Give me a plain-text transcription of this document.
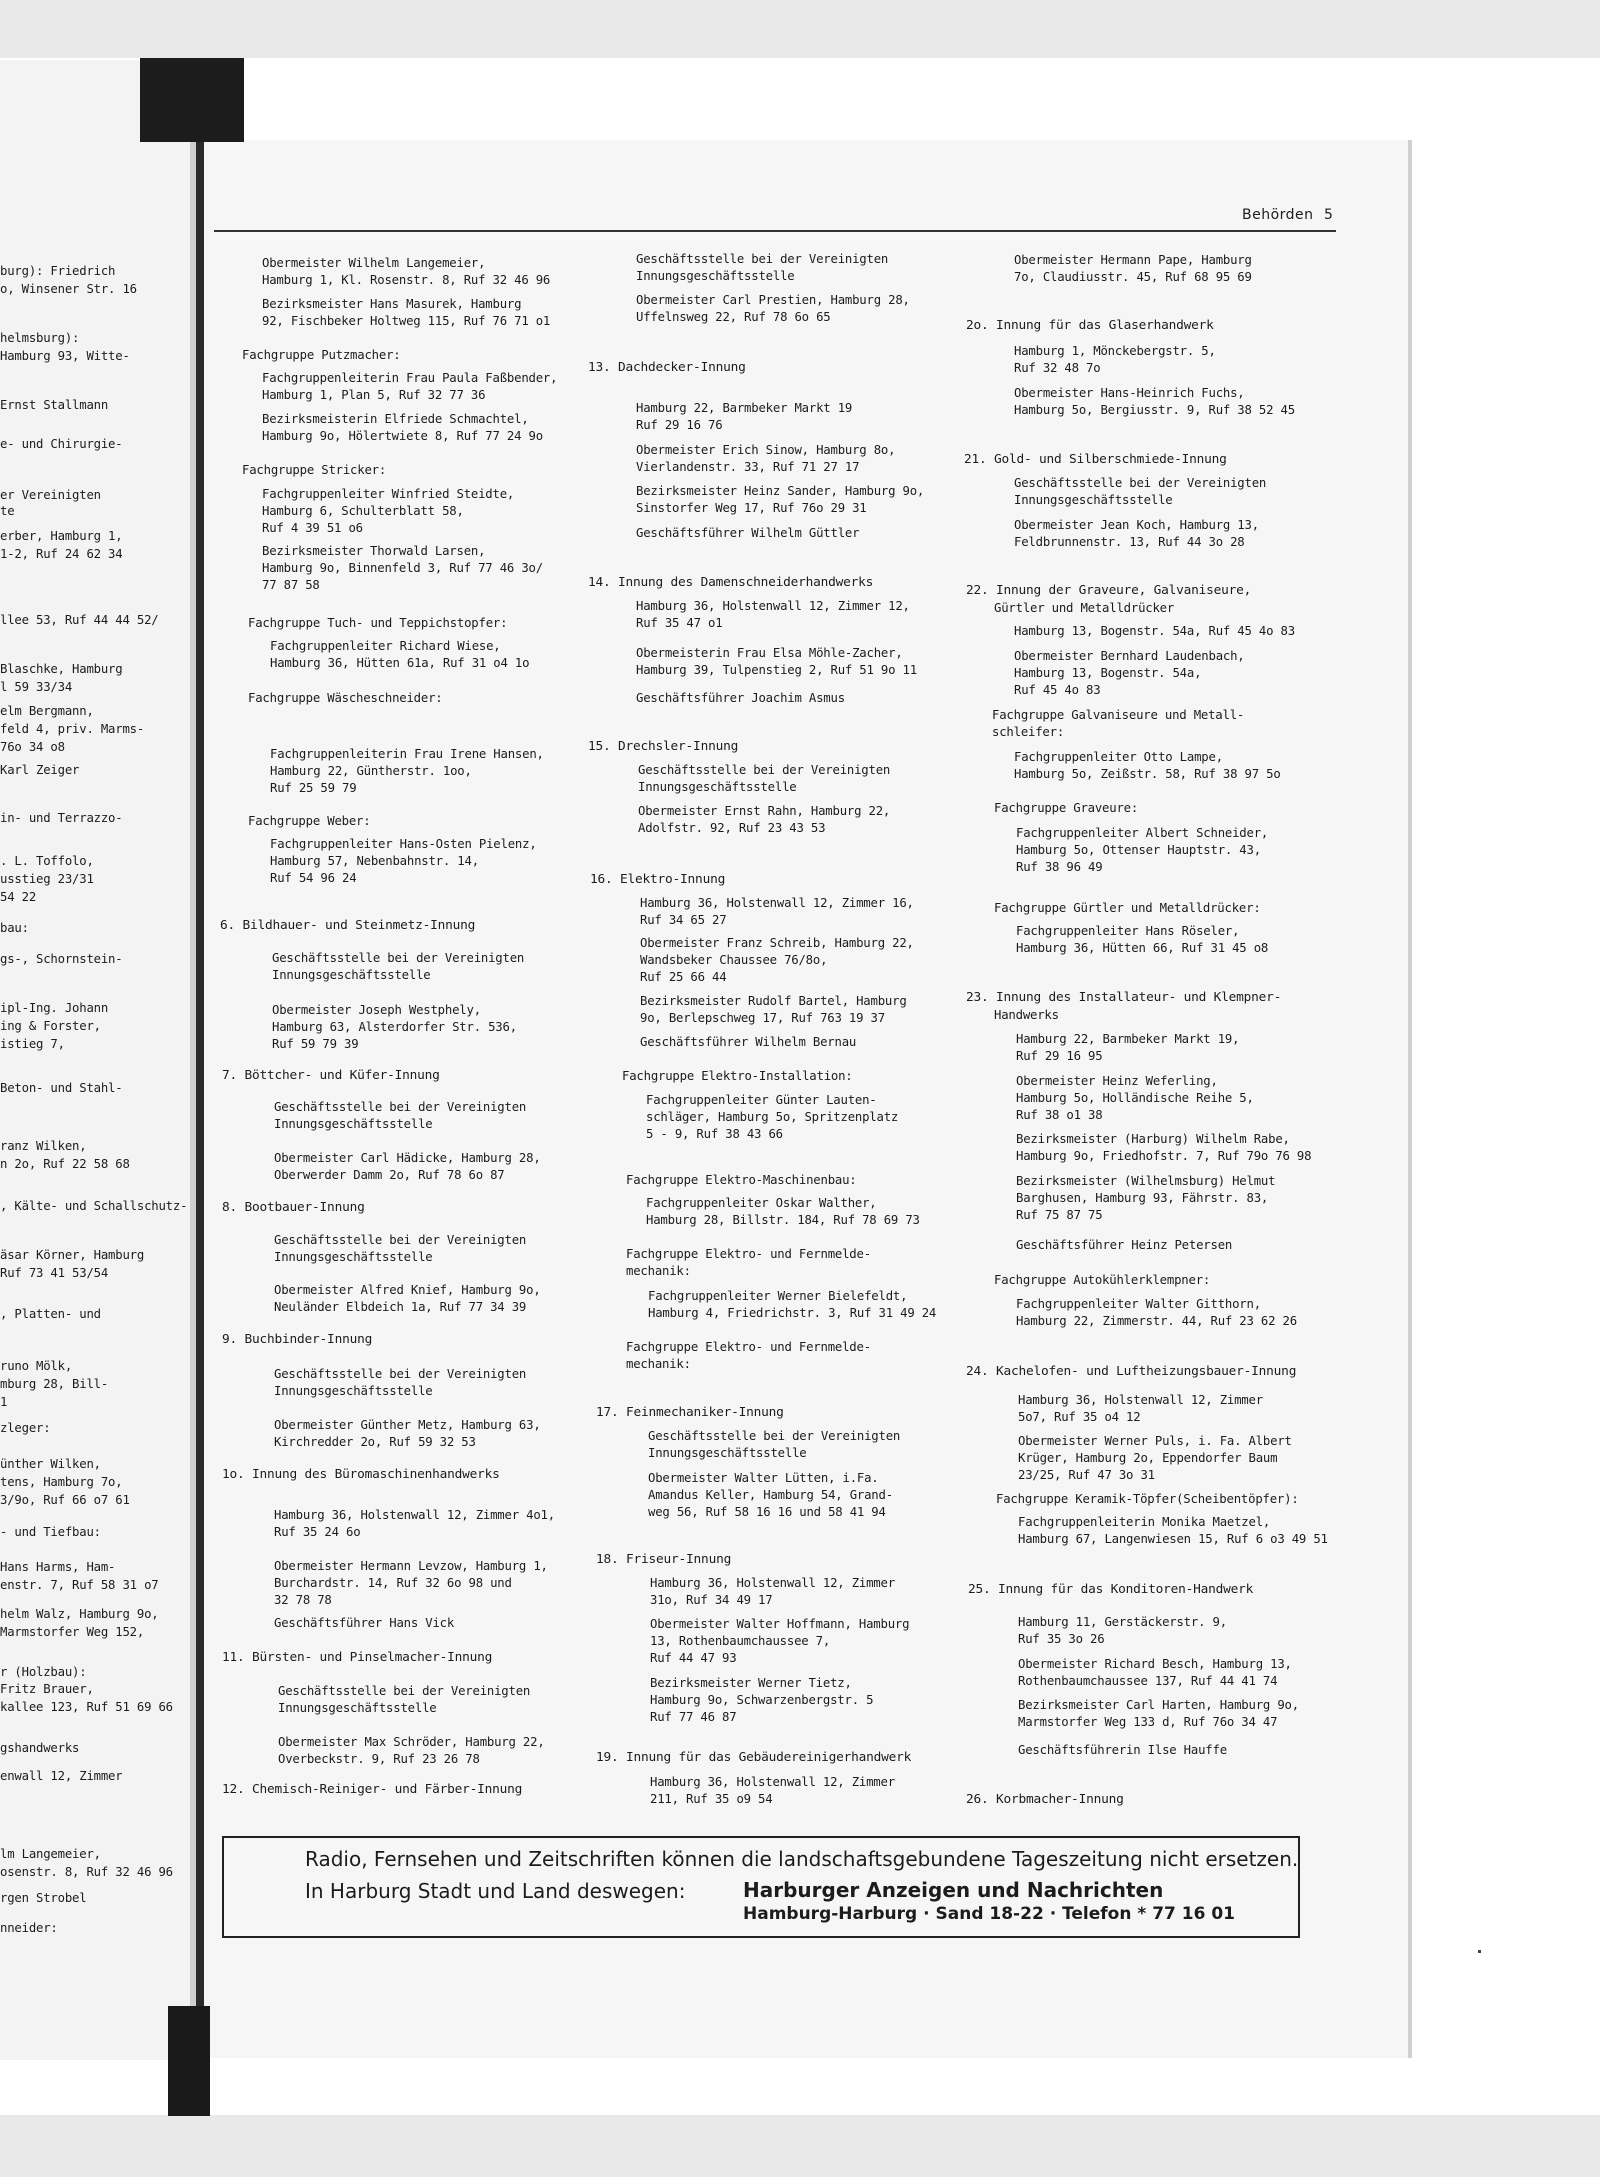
Behörden 5
burg): Friedrich
o, Winsener Str. 16
helmsburg):
Hamburg 93, Witte-
Ernst Stallmann
e- und Chirurgie-
er Vereinigten
te
erber, Hamburg 1,
1-2, Ruf 24 62 34
llee 53, Ruf 44 44 52/
Blaschke, Hamburg
l 59 33/34
elm Bergmann,
feld 4, priv. Marms-
76o 34 o8
Karl Zeiger
in- und Terrazzo-
. L. Toffolo,
usstieg 23/31
54 22
bau:
gs-, Schornstein-
ipl-Ing. Johann
ing & Forster,
istieg 7,
Beton- und Stahl-
ranz Wilken,
n 2o, Ruf 22 58 68
, Kälte- und Schallschutz-
äsar Körner, Hamburg
Ruf 73 41 53/54
, Platten- und
runo Mölk,
mburg 28, Bill-
1
zleger:
ünther Wilken,
tens, Hamburg 7o,
3/9o, Ruf 66 o7 61
- und Tiefbau:
Hans Harms, Ham-
enstr. 7, Ruf 58 31 o7
helm Walz, Hamburg 9o,
Marmstorfer Weg 152,
r (Holzbau):
Fritz Brauer,
kallee 123, Ruf 51 69 66
gshandwerks
enwall 12, Zimmer
lm Langemeier,
osenstr. 8, Ruf 32 46 96
rgen Strobel
nneider:
Obermeister Wilhelm Langemeier,
Hamburg 1, Kl. Rosenstr. 8, Ruf 32 46 96
Bezirksmeister Hans Masurek, Hamburg
92, Fischbeker Holtweg 115, Ruf 76 71 o1
Fachgruppe Putzmacher:
Fachgruppenleiterin Frau Paula Faßbender,
Hamburg 1, Plan 5, Ruf 32 77 36
Bezirksmeisterin Elfriede Schmachtel,
Hamburg 9o, Hölertwiete 8, Ruf 77 24 9o
Fachgruppe Stricker:
Fachgruppenleiter Winfried Steidte,
Hamburg 6, Schulterblatt 58,
Ruf 4 39 51 o6
Bezirksmeister Thorwald Larsen,
Hamburg 9o, Binnenfeld 3, Ruf 77 46 3o/
77 87 58
Fachgruppe Tuch- und Teppichstopfer:
Fachgruppenleiter Richard Wiese,
Hamburg 36, Hütten 61a, Ruf 31 o4 1o
Fachgruppe Wäscheschneider:
Fachgruppenleiterin Frau Irene Hansen,
Hamburg 22, Güntherstr. 1oo,
Ruf 25 59 79
Fachgruppe Weber:
Fachgruppenleiter Hans-Osten Pielenz,
Hamburg 57, Nebenbahnstr. 14,
Ruf 54 96 24
6. Bildhauer- und Steinmetz-Innung
Geschäftsstelle bei der Vereinigten
Innungsgeschäftsstelle
Obermeister Joseph Westphely,
Hamburg 63, Alsterdorfer Str. 536,
Ruf 59 79 39
7. Böttcher- und Küfer-Innung
Geschäftsstelle bei der Vereinigten
Innungsgeschäftsstelle
Obermeister Carl Hädicke, Hamburg 28,
Oberwerder Damm 2o, Ruf 78 6o 87
8. Bootbauer-Innung
Geschäftsstelle bei der Vereinigten
Innungsgeschäftsstelle
Obermeister Alfred Knief, Hamburg 9o,
Neuländer Elbdeich 1a, Ruf 77 34 39
9. Buchbinder-Innung
Geschäftsstelle bei der Vereinigten
Innungsgeschäftsstelle
Obermeister Günther Metz, Hamburg 63,
Kirchredder 2o, Ruf 59 32 53
1o. Innung des Büromaschinenhandwerks
Hamburg 36, Holstenwall 12, Zimmer 4o1,
Ruf 35 24 6o
Obermeister Hermann Levzow, Hamburg 1,
Burchardstr. 14, Ruf 32 6o 98 und
32 78 78
Geschäftsführer Hans Vick
11. Bürsten- und Pinselmacher-Innung
Geschäftsstelle bei der Vereinigten
Innungsgeschäftsstelle
Obermeister Max Schröder, Hamburg 22,
Overbeckstr. 9, Ruf 23 26 78
12. Chemisch-Reiniger- und Färber-Innung
Geschäftsstelle bei der Vereinigten
Innungsgeschäftsstelle
Obermeister Carl Prestien, Hamburg 28,
Uffelnsweg 22, Ruf 78 6o 65
13. Dachdecker-Innung
Hamburg 22, Barmbeker Markt 19
Ruf 29 16 76
Obermeister Erich Sinow, Hamburg 8o,
Vierlandenstr. 33, Ruf 71 27 17
Bezirksmeister Heinz Sander, Hamburg 9o,
Sinstorfer Weg 17, Ruf 76o 29 31
Geschäftsführer Wilhelm Güttler
14. Innung des Damenschneiderhandwerks
Hamburg 36, Holstenwall 12, Zimmer 12,
Ruf 35 47 o1
Obermeisterin Frau Elsa Möhle-Zacher,
Hamburg 39, Tulpenstieg 2, Ruf 51 9o 11
Geschäftsführer Joachim Asmus
15. Drechsler-Innung
Geschäftsstelle bei der Vereinigten
Innungsgeschäftsstelle
Obermeister Ernst Rahn, Hamburg 22,
Adolfstr. 92, Ruf 23 43 53
16. Elektro-Innung
Hamburg 36, Holstenwall 12, Zimmer 16,
Ruf 34 65 27
Obermeister Franz Schreib, Hamburg 22,
Wandsbeker Chaussee 76/8o,
Ruf 25 66 44
Bezirksmeister Rudolf Bartel, Hamburg
9o, Berlepschweg 17, Ruf 763 19 37
Geschäftsführer Wilhelm Bernau
Fachgruppe Elektro-Installation:
Fachgruppenleiter Günter Lauten-
schläger, Hamburg 5o, Spritzenplatz
5 - 9, Ruf 38 43 66
Fachgruppe Elektro-Maschinenbau:
Fachgruppenleiter Oskar Walther,
Hamburg 28, Billstr. 184, Ruf 78 69 73
Fachgruppe Elektro- und Fernmelde-
mechanik:
Fachgruppenleiter Werner Bielefeldt,
Hamburg 4, Friedrichstr. 3, Ruf 31 49 24
Fachgruppe Elektro- und Fernmelde-
mechanik:
17. Feinmechaniker-Innung
Geschäftsstelle bei der Vereinigten
Innungsgeschäftsstelle
Obermeister Walter Lütten, i.Fa.
Amandus Keller, Hamburg 54, Grand-
weg 56, Ruf 58 16 16 und 58 41 94
18. Friseur-Innung
Hamburg 36, Holstenwall 12, Zimmer
31o, Ruf 34 49 17
Obermeister Walter Hoffmann, Hamburg
13, Rothenbaumchaussee 7,
Ruf 44 47 93
Bezirksmeister Werner Tietz,
Hamburg 9o, Schwarzenbergstr. 5
Ruf 77 46 87
19. Innung für das Gebäudereinigerhandwerk
Hamburg 36, Holstenwall 12, Zimmer
211, Ruf 35 o9 54
Obermeister Hermann Pape, Hamburg
7o, Claudiusstr. 45, Ruf 68 95 69
2o. Innung für das Glaserhandwerk
Hamburg 1, Mönckebergstr. 5,
Ruf 32 48 7o
Obermeister Hans-Heinrich Fuchs,
Hamburg 5o, Bergiusstr. 9, Ruf 38 52 45
21. Gold- und Silberschmiede-Innung
Geschäftsstelle bei der Vereinigten
Innungsgeschäftsstelle
Obermeister Jean Koch, Hamburg 13,
Feldbrunnenstr. 13, Ruf 44 3o 28
22. Innung der Graveure, Galvaniseure,
Gürtler und Metalldrücker
Hamburg 13, Bogenstr. 54a, Ruf 45 4o 83
Obermeister Bernhard Laudenbach,
Hamburg 13, Bogenstr. 54a,
Ruf 45 4o 83
Fachgruppe Galvaniseure und Metall-
schleifer:
Fachgruppenleiter Otto Lampe,
Hamburg 5o, Zeißstr. 58, Ruf 38 97 5o
Fachgruppe Graveure:
Fachgruppenleiter Albert Schneider,
Hamburg 5o, Ottenser Hauptstr. 43,
Ruf 38 96 49
Fachgruppe Gürtler und Metalldrücker:
Fachgruppenleiter Hans Röseler,
Hamburg 36, Hütten 66, Ruf 31 45 o8
23. Innung des Installateur- und Klempner-
Handwerks
Hamburg 22, Barmbeker Markt 19,
Ruf 29 16 95
Obermeister Heinz Weferling,
Hamburg 5o, Holländische Reihe 5,
Ruf 38 o1 38
Bezirksmeister (Harburg) Wilhelm Rabe,
Hamburg 9o, Friedhofstr. 7, Ruf 79o 76 98
Bezirksmeister (Wilhelmsburg) Helmut
Barghusen, Hamburg 93, Fährstr. 83,
Ruf 75 87 75
Geschäftsführer Heinz Petersen
Fachgruppe Autokühlerklempner:
Fachgruppenleiter Walter Gitthorn,
Hamburg 22, Zimmerstr. 44, Ruf 23 62 26
24. Kachelofen- und Luftheizungsbauer-Innung
Hamburg 36, Holstenwall 12, Zimmer
5o7, Ruf 35 o4 12
Obermeister Werner Puls, i. Fa. Albert
Krüger, Hamburg 2o, Eppendorfer Baum
23/25, Ruf 47 3o 31
Fachgruppe Keramik-Töpfer(Scheibentöpfer):
Fachgruppenleiterin Monika Maetzel,
Hamburg 67, Langenwiesen 15, Ruf 6 o3 49 51
25. Innung für das Konditoren-Handwerk
Hamburg 11, Gerstäckerstr. 9,
Ruf 35 3o 26
Obermeister Richard Besch, Hamburg 13,
Rothenbaumchaussee 137, Ruf 44 41 74
Bezirksmeister Carl Harten, Hamburg 9o,
Marmstorfer Weg 133 d, Ruf 76o 34 47
Geschäftsführerin Ilse Hauffe
26. Korbmacher-Innung
Radio, Fernsehen und Zeitschriften können die landschaftsgebundene Tageszeitung nicht ersetzen.
In Harburg Stadt und Land deswegen:	Harburger Anzeigen und Nachrichten
Hamburg-Harburg · Sand 18-22 · Telefon * 77 16 01
